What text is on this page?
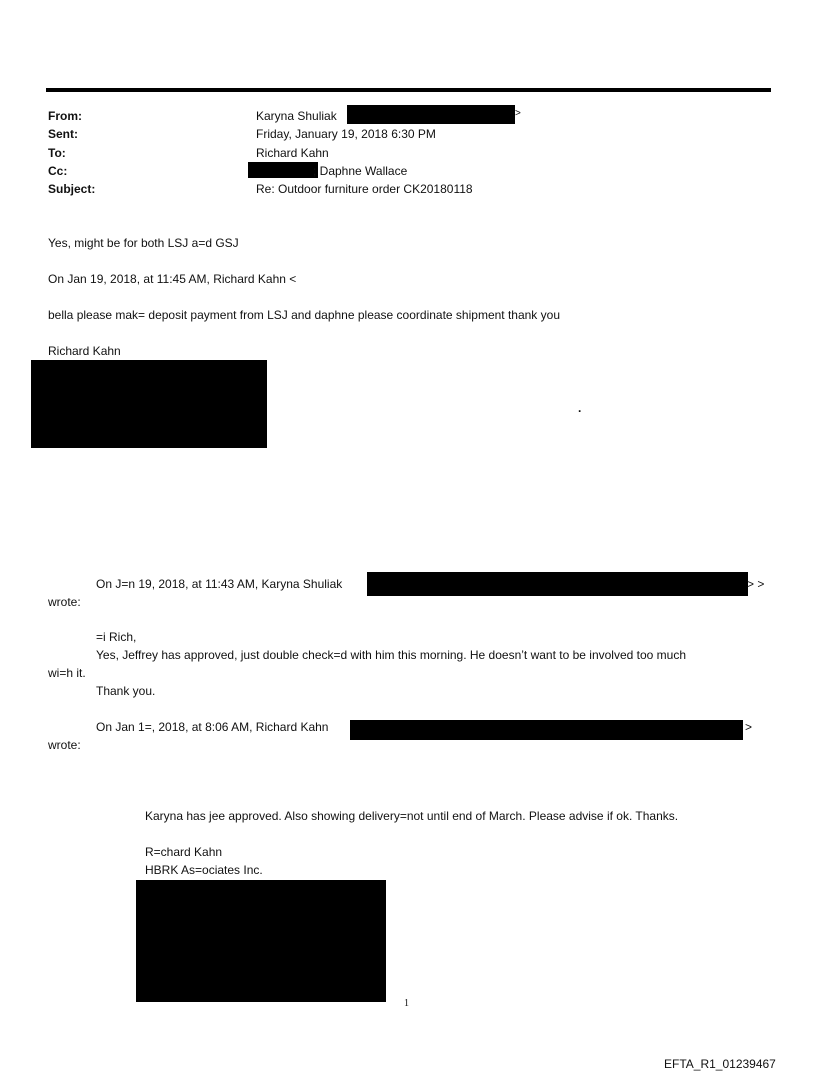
From:	Karyna Shuliak	>
Sent:	Friday, January 19, 2018 6:30 PM
To:	Richard Kahn
Cc:	; Daphne Wallace
Subject:	Re: Outdoor furniture order CK20180118
Yes, might be for both LSJ a=d GSJ
On Jan 19, 2018, at 11:45 AM, Richard Kahn <
bella please mak= deposit payment from LSJ and daphne please coordinate shipment thank you
Richard Kahn
.
On J=n 19, 2018, at 11:43 AM, Karyna Shuliak	> >
wrote:
=i Rich,
Yes, Jeffrey has approved, just double check=d with him this morning. He doesn’t want to be involved too much
wi=h it.
Thank you.
On Jan 1=, 2018, at 8:06 AM, Richard Kahn	>
wrote:
Karyna has jee approved. Also showing delivery=not until end of March. Please advise if ok. Thanks.
R=chard Kahn
HBRK As=ociates Inc.
1
EFTA_R1_01239467
